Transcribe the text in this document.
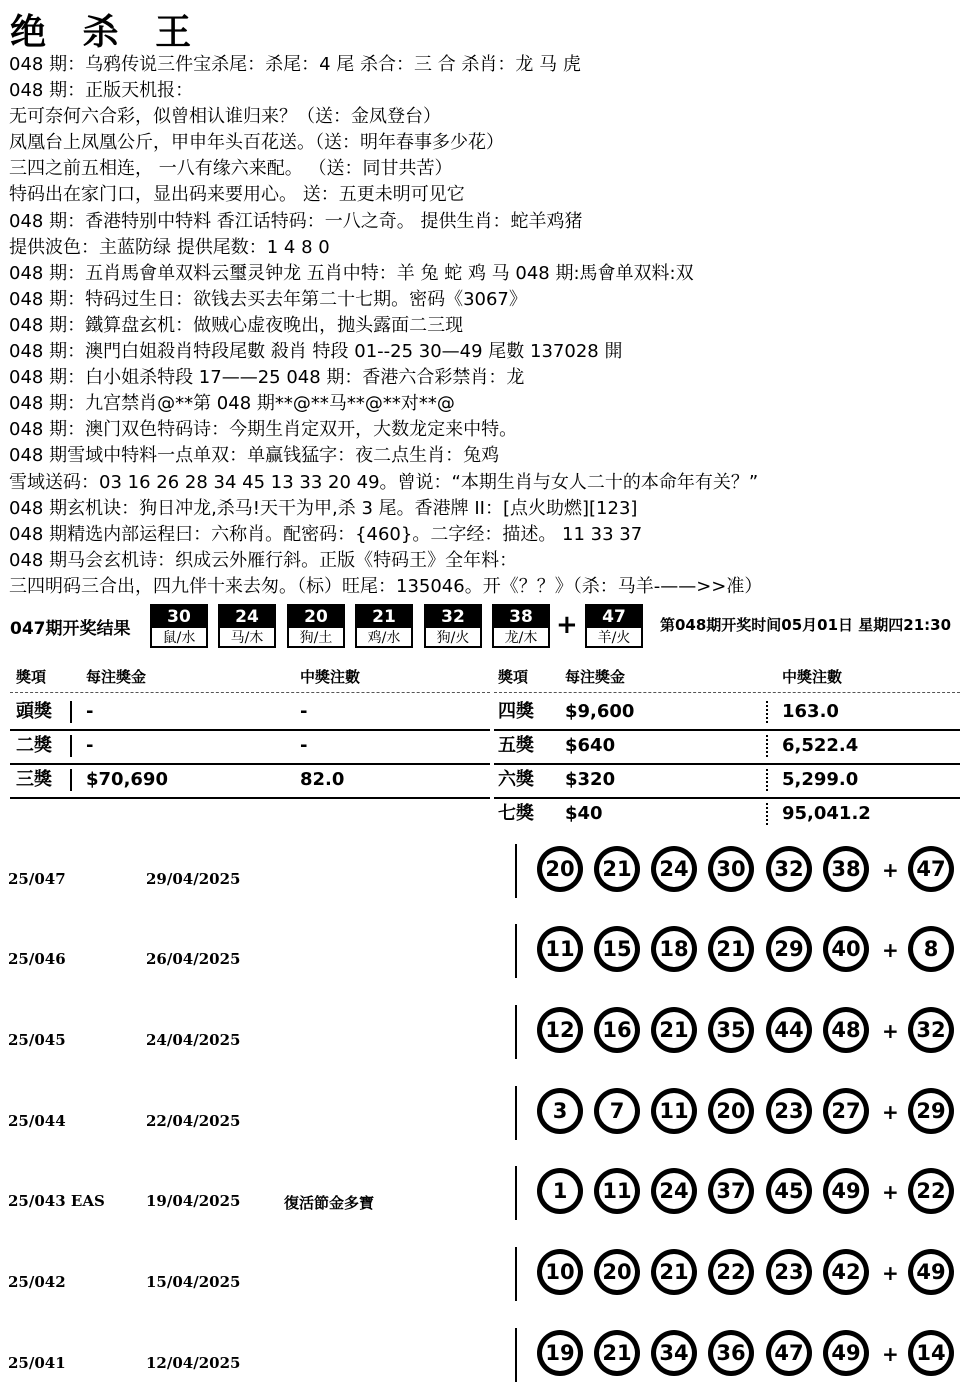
绝 杀 王
048 期：乌鸦传说三件宝杀尾：杀尾：4 尾 杀合：三 合 杀肖：龙 马 虎
048 期：正版天机报：
无可奈何六合彩，似曾相认谁归来？（送：金凤登台）
凤凰台上凤凰公斤，甲申年头百花送。（送：明年春事多少花）
三四之前五相连， 一八有缘六来配。 （送：同甘共苦）
特码出在家门口，显出码来要用心。 送：五更未明可见它
048 期：香港特别中特料 香江话特码：一八之奇。 提供生肖：蛇羊鸡猪
提供波色：主蓝防绿 提供尾数：1 4 8 0
048 期：五肖馬會单双料云璽灵钟龙 五肖中特：羊 兔 蛇 鸡 马 048 期:馬會单双料:双
048 期：特码过生日：欲钱去买去年第二十七期。密码《3067》
048 期：鐵算盘玄机：做贼心虚夜晚出，抛头露面二三现
048 期：澳門白姐殺肖特段尾數 殺肖 特段 01--25 30—49 尾數 137028 開
048 期：白小姐杀特段 17——25 048 期：香港六合彩禁肖：龙
048 期：九宫禁肖@**第 048 期**@**马**@**对**@
048 期：澳门双色特码诗：今期生肖定双开，大数龙定来中特。
048 期雪域中特料一点单双：单赢钱猛字：夜二点生肖：兔鸡
雪域送码：03 16 26 28 34 45 13 33 20 49。曾说：“本期生肖与女人二十的本命年有关？”
048 期玄机诀：狗日冲龙,杀马!天干为甲,杀 3 尾。香港牌 II：[点火助燃][123]
048 期精选内部运程曰：六称肖。配密码：{460}。二字经：描述。 11 33 37
048 期马会玄机诗：织成云外雁行斜。正版《特码王》全年料：
三四明码三合出，四九伴十来去匆。（标）旺尾：135046。开《？？》（杀：马羊-——>>准）
047期开奖结果
30
鼠/水
24
马/木
20
狗/土
21
鸡/水
32
狗/火
38
龙/木 +	47
羊/火
第048期开奖时间05月01日 星期四21:30
獎項	每注獎金	中獎注數	獎項 每注獎金	中獎注數
頭獎 -	-
二獎 -	-
三獎 $70,690	82.0
四獎 $9,600	163.0
五獎 $640	6,522.4
六獎 $320	5,299.0
七獎 $40	95,041.2
25/047	29/04/2025	20 21 24 30 32 38 + 47
25/046	26/04/2025	11 15 18 21 29 40 +	8
25/045	24/04/2025	12 16 21 35 44 48 + 32
25/044	22/04/2025	3	7	11 20 23 27 + 29
25/043 EAS	19/04/2025	復活節金多寶	1	11 24 37 45 49 + 22
25/042	15/04/2025	10 20 21 22 23 42 + 49
25/041	12/04/2025	19 21 34 36 47 49 + 14
